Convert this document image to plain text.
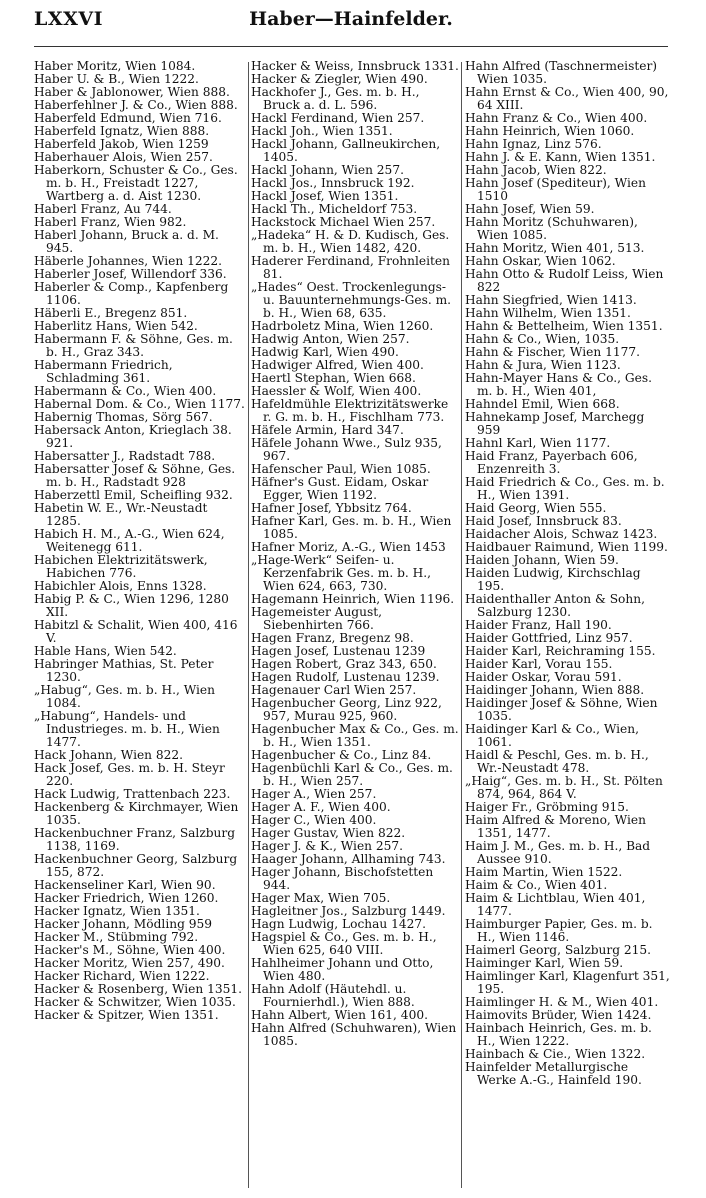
Haber—Hainfelder.
LXXVI

Haber Moritz, Wien 1084.

Haber U. & B., Wien 1222.

Haber & Jablonower, Wien 888.

Haberfehlner J. & Co., Wien 888.

Haberfeld Edmund, Wien 716.

Haberfeld Ignatz, Wien 888.

Haberfeld Jakob, Wien 1259

Haberhauer Alois, Wien 257.

Haberkorn, Schuster & Co., Ges. m. b. H., Freistadt 1227, Wartberg a. d. Aist 1230.

Haberl Franz, Au 744.

Haberl Franz, Wien 982.

Haberl Johann, Bruck a. d. M. 945.

Häberle Johannes, Wien 1222.

Haberler Josef, Willendorf 336.

Haberler & Comp., Kapfenberg 1106.

Häberli E., Bregenz 851.

Haberlitz Hans, Wien 542.

Habermann F. & Söhne, Ges. m. b. H., Graz 343.

Habermann Friedrich, Schladming 361.

Habermann & Co., Wien 400.

Habernal Dom. & Co., Wien 1177.

Habernig Thomas, Sörg 567.

Habersack Anton, Krieglach 38. 921.

Habersatter J., Radstadt 788.

Habersatter Josef & Söhne, Ges. m. b. H., Radstadt 928

Haberzettl Emil, Scheifling 932.

Habetin W. E., Wr.-Neustadt 1285.

Habich H. M., A.-G., Wien 624, Weitenegg 611.

Habichen Elektrizitätswerk, Habichen 776.

Habichler Alois, Enns 1328.

Habig P. & C., Wien 1296, 1280 XII.

Habitzl & Schalit, Wien 400, 416 V.

Hable Hans, Wien 542.

Habringer Mathias, St. Peter 1230.

„Habug“, Ges. m. b. H., Wien 1084.

„Habung“, Handels- und Industrieges. m. b. H., Wien 1477.

Hack Johann, Wien 822.

Hack Josef, Ges. m. b. H. Steyr 220.

Hack Ludwig, Trattenbach 223.

Hackenberg & Kirchmayer, Wien 1035.

Hackenbuchner Franz, Salzburg 1138, 1169.

Hackenbuchner Georg, Salzburg 155, 872.

Hackenseliner Karl, Wien 90.

Hacker Friedrich, Wien 1260.

Hacker Ignatz, Wien 1351.

Hacker Johann, Mödling 959

Hacker M., Stübming 792.

Hacker's M., Söhne, Wien 400.

Hacker Moritz, Wien 257, 490.

Hacker Richard, Wien 1222.

Hacker & Rosenberg, Wien 1351.

Hacker & Schwitzer, Wien 1035.

Hacker & Spitzer, Wien 1351.

Hacker & Weiss, Innsbruck 1331.

Hacker & Ziegler, Wien 490.

Hackhofer J., Ges. m. b. H., Bruck a. d. L. 596.

Hackl Ferdinand, Wien 257.

Hackl Joh., Wien 1351.

Hackl Johann, Gallneukirchen, 1405.

Hackl Johann, Wien 257.

Hackl Jos., Innsbruck 192.

Hackl Josef, Wien 1351.

Hackl Th., Micheldorf 753.

Hackstock Michael Wien 257.

„Hadeka“ H. & D. Kudisch, Ges. m. b. H., Wien 1482, 420.

Haderer Ferdinand, Frohnleiten 81.

„Hades“ Oest. Trockenlegungs- u. Bauunternehmungs-Ges. m. b. H., Wien 68, 635.

Hadrboletz Mina, Wien 1260.

Hadwig Anton, Wien 257.

Hadwig Karl, Wien 490.

Hadwiger Alfred, Wien 400.

Haertl Stephan, Wien 668.

Haessler & Wolf, Wien 400.

Hafeldmühle Elektrizitätswerke r. G. m. b. H., Fischlham 773.

Häfele Armin, Hard 347.

Häfele Johann Wwe., Sulz 935, 967.

Hafenscher Paul, Wien 1085.

Häfner's Gust. Eidam, Oskar Egger, Wien 1192.

Hafner Josef, Ybbsitz 764.

Hafner Karl, Ges. m. b. H., Wien 1085.

Hafner Moriz, A.-G., Wien 1453

„Hage-Werk“ Seifen- u. Kerzenfabrik Ges. m. b. H., Wien 624, 663, 730.

Hagemann Heinrich, Wien 1196.

Hagemeister August, Siebenhirten 766.

Hagen Franz, Bregenz 98.

Hagen Josef, Lustenau 1239

Hagen Robert, Graz 343, 650.

Hagen Rudolf, Lustenau 1239.

Hagenauer Carl Wien 257.

Hagenbucher Georg, Linz 922, 957, Murau 925, 960.

Hagenbucher Max & Co., Ges. m. b. H., Wien 1351.

Hagenbucher & Co., Linz 84.

Hagenbüchli Karl & Co., Ges. m. b. H., Wien 257.

Hager A., Wien 257.

Hager A. F., Wien 400.

Hager C., Wien 400.

Hager Gustav, Wien 822.

Hager J. & K., Wien 257.

Haager Johann, Allhaming 743.

Hager Johann, Bischofstetten 944.

Hager Max, Wien 705.

Hagleitner Jos., Salzburg 1449.

Hagn Ludwig, Lochau 1427.

Hagspiel & Co., Ges. m. b. H., Wien 625, 640 VIII.

Hahlheimer Johann und Otto, Wien 480.

Hahn Adolf (Häutehdl. u. Fournierhdl.), Wien 888.

Hahn Albert, Wien 161, 400.

Hahn Alfred (Schuhwaren), Wien 1085.

Hahn Alfred (Taschnermeister) Wien 1035.

Hahn Ernst & Co., Wien 400, 90, 64 XIII.

Hahn Franz & Co., Wien 400.

Hahn Heinrich, Wien 1060.

Hahn Ignaz, Linz 576.

Hahn J. & E. Kann, Wien 1351.

Hahn Jacob, Wien 822.

Hahn Josef (Spediteur), Wien 1510

Hahn Josef, Wien 59.

Hahn Moritz (Schuhwaren), Wien 1085.

Hahn Moritz, Wien 401, 513.

Hahn Oskar, Wien 1062.

Hahn Otto & Rudolf Leiss, Wien 822

Hahn Siegfried, Wien 1413.

Hahn Wilhelm, Wien 1351.

Hahn & Bettelheim, Wien 1351.

Hahn & Co., Wien, 1035.

Hahn & Fischer, Wien 1177.

Hahn & Jura, Wien 1123.

Hahn-Mayer Hans & Co., Ges. m. b. H., Wien 401,

Hahndel Emil, Wien 668.

Hahnekamp Josef, Marchegg 959

Hahnl Karl, Wien 1177.

Haid Franz, Payerbach 606, Enzenreith 3.

Haid Friedrich & Co., Ges. m. b. H., Wien 1391.

Haid Georg, Wien 555.

Haid Josef, Innsbruck 83.

Haidacher Alois, Schwaz 1423.

Haidbauer Raimund, Wien 1199.

Haiden Johann, Wien 59.

Haiden Ludwig, Kirchschlag 195.

Haidenthaller Anton & Sohn, Salzburg 1230.

Haider Franz, Hall 190.

Haider Gottfried, Linz 957.

Haider Karl, Reichraming 155.

Haider Karl, Vorau 155.

Haider Oskar, Vorau 591.

Haidinger Johann, Wien 888.

Haidinger Josef & Söhne, Wien 1035.

Haidinger Karl & Co., Wien, 1061.

Haidl & Peschl, Ges. m. b. H., Wr.-Neustadt 478.

„Haig“, Ges. m. b. H., St. Pölten 874, 964, 864 V.

Haiger Fr., Gröbming 915.

Haim Alfred & Moreno, Wien 1351, 1477.

Haim J. M., Ges. m. b. H., Bad Aussee 910.

Haim Martin, Wien 1522.

Haim & Co., Wien 401.

Haim & Lichtblau, Wien 401, 1477.

Haimburger Papier, Ges. m. b. H., Wien 1146.

Haimerl Georg, Salzburg 215.

Haiminger Karl, Wien 59.

Haimlinger Karl, Klagenfurt 351, 195.

Haimlinger H. & M., Wien 401.

Haimovits Brüder, Wien 1424.

Hainbach Heinrich, Ges. m. b. H., Wien 1222.

Hainbach & Cie., Wien 1322.

Hainfelder Metallurgische Werke A.-G., Hainfeld 190.
